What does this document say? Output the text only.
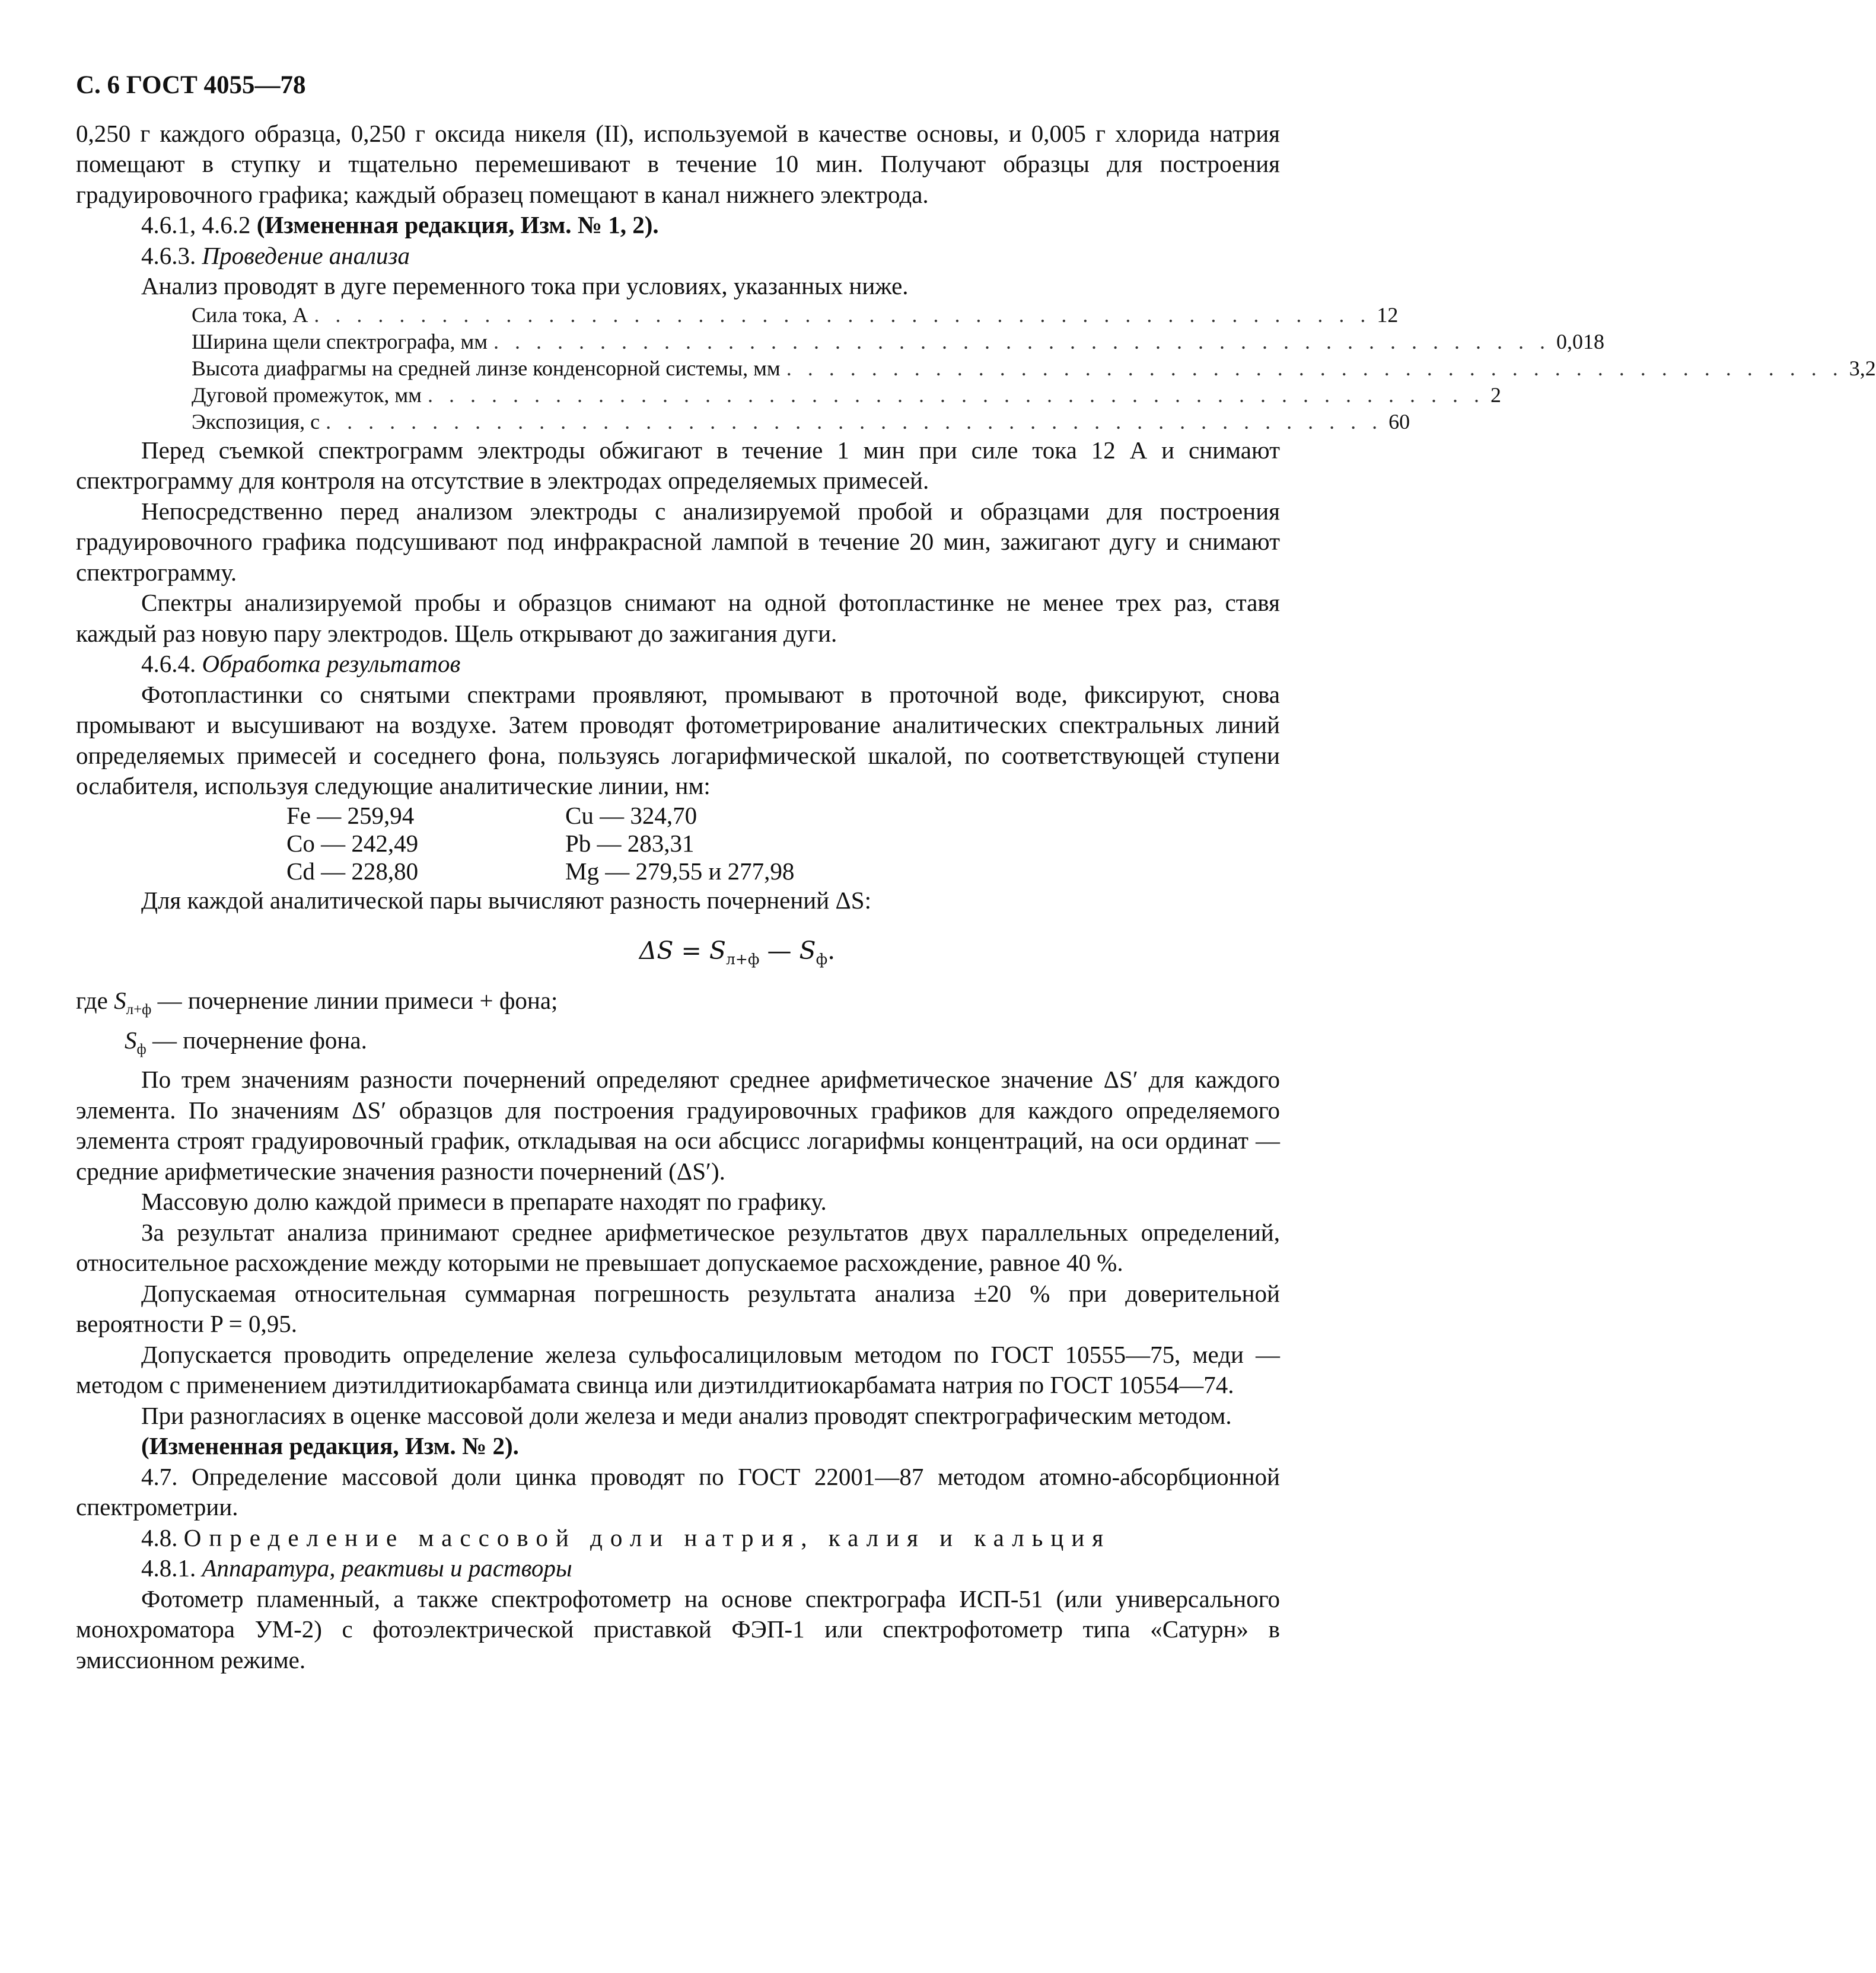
С. 6 ГОСТ 4055—78

0,250 г каждого образца, 0,250 г оксида никеля (II), используемой в качестве основы, и 0,005 г хлорида натрия помещают в ступку и тщательно перемешивают в течение 10 мин. Получают образцы для построения градуировочного графика; каждый образец помещают в канал нижнего электрода.

4.6.1, 4.6.2 (Измененная редакция, Изм. № 1, 2).

4.6.3. Проведение анализа

Анализ проводят в дуге переменного тока при условиях, указанных ниже.

Сила тока, А . . . . . . . . . . . . . . . . . . . . . . . . . . . . . . . . . . . . . . . . . . . . . . . . . . 12
Ширина щели спектрографа, мм . . . . . . . . . . . . . . . . . . . . . . . . . . . . . . . . . . . . . . . . . . . . . . . . . . 0,018
Высота диафрагмы на средней линзе конденсорной системы, мм . . . . . . . . . . . . . . . . . . . . . . . . . . . . . . . . . . . . . . . . . . . . . . . . . . 3,2
Дуговой промежуток, мм . . . . . . . . . . . . . . . . . . . . . . . . . . . . . . . . . . . . . . . . . . . . . . . . . . 2
Экспозиция, с . . . . . . . . . . . . . . . . . . . . . . . . . . . . . . . . . . . . . . . . . . . . . . . . . . 60

Перед съемкой спектрограмм электроды обжигают в течение 1 мин при силе тока 12 А и снимают спектрограмму для контроля на отсутствие в электродах определяемых примесей.

Непосредственно перед анализом электроды с анализируемой пробой и образцами для построения градуировочного графика подсушивают под инфракрасной лампой в течение 20 мин, зажигают дугу и снимают спектрограмму.

Спектры анализируемой пробы и образцов снимают на одной фотопластинке не менее трех раз, ставя каждый раз новую пару электродов. Щель открывают до зажигания дуги.

4.6.4. Обработка результатов

Фотопластинки со снятыми спектрами проявляют, промывают в проточной воде, фиксируют, снова промывают и высушивают на воздухе. Затем проводят фотометрирование аналитических спектральных линий определяемых примесей и соседнего фона, пользуясь логарифмической шкалой, по соответствующей ступени ослабителя, используя следующие аналитические линии, нм:

Fe — 259,94	Cu — 324,70
Co — 242,49	Pb — 283,31
Cd — 228,80	Mg — 279,55 и 277,98

Для каждой аналитической пары вычисляют разность почернений ΔS:

$\Delta S = S_{л+ф}$ — $S_ф$.

где $S_{л+ф}$ — почернение линии примеси + фона;

$S_ф$ — почернение фона.

По трем значениям разности почернений определяют среднее арифметическое значение ΔS′ для каждого элемента. По значениям ΔS′ образцов для построения градуировочных графиков для каждого определяемого элемента строят градуировочный график, откладывая на оси абсцисс логарифмы концентраций, на оси ординат — средние арифметические значения разности почернений (ΔS′).

Массовую долю каждой примеси в препарате находят по графику.

За результат анализа принимают среднее арифметическое результатов двух параллельных определений, относительное расхождение между которыми не превышает допускаемое расхождение, равное 40 %.

Допускаемая относительная суммарная погрешность результата анализа ±20 % при доверительной вероятности P = 0,95.

Допускается проводить определение железа сульфосалициловым методом по ГОСТ 10555—75, меди — методом с применением диэтилдитиокарбамата свинца или диэтилдитиокарбамата натрия по ГОСТ 10554—74.

При разногласиях в оценке массовой доли железа и меди анализ проводят спектрографическим методом.

(Измененная редакция, Изм. № 2).

4.7. Определение массовой доли цинка проводят по ГОСТ 22001—87 методом атомно-абсорбционной спектрометрии.

4.8. Определение массовой доли натрия, калия и кальция

4.8.1. Аппаратура, реактивы и растворы

Фотометр пламенный, а также спектрофотометр на основе спектрографа ИСП-51 (или универсального монохроматора УМ-2) с фотоэлектрической приставкой ФЭП-1 или спектрофотометр типа «Сатурн» в эмиссионном режиме.
